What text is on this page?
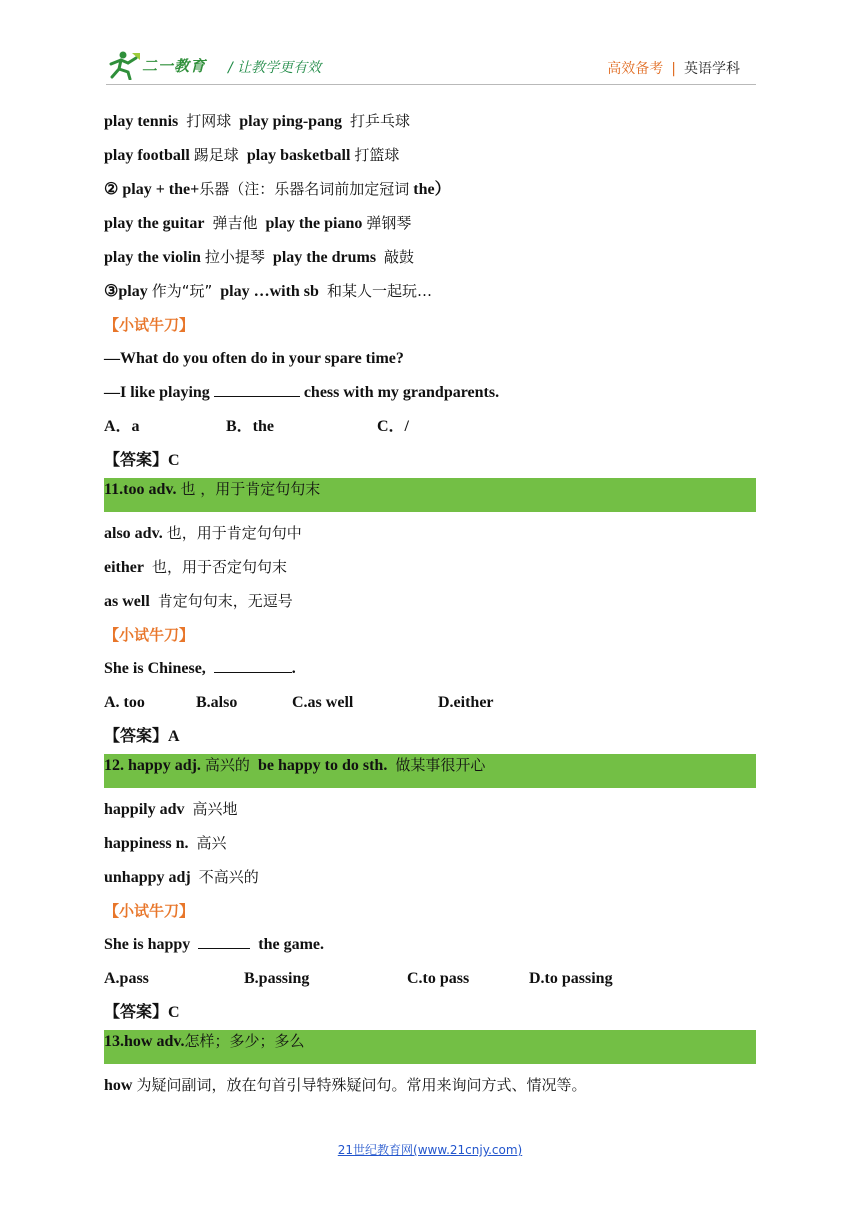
二一教育 / 让教学更有效	高效备考 | 英语学科
play tennis 打网球 play ping-pang 打乒乓球
play football 踢足球 play basketball 打篮球
② play + the+乐器（注：乐器名词前加定冠词 the）
play the guitar 弹吉他 play the piano 弹钢琴
play the violin 拉小提琴 play the drums 敲鼓
③play 作为“玩” play …with sb 和某人一起玩…
【小试牛刀】
—What do you often do in your spare time?
—I like playing	chess with my grandparents.
A．a	B．the	C．/
【答案】C
11.too adv. 也 ，用于肯定句句末
also adv. 也，用于肯定句句中
either 也，用于否定句句末
as well 肯定句句末，无逗号
【小试牛刀】
She is Chinese,	.
A. too	B.also	C.as well	D.either
【答案】A
12. happy adj. 高兴的 be happy to do sth. 做某事很开心
happily adv 高兴地
happiness n. 高兴
unhappy adj 不高兴的
【小试牛刀】
She is happy	the game.
A.pass	B.passing	C.to pass	D.to passing
【答案】C
13.how adv.怎样；多少；多么
how 为疑问副词，放在句首引导特殊疑问句。常用来询问方式、情况等。
21世纪教育网(www.21cnjy.com)
